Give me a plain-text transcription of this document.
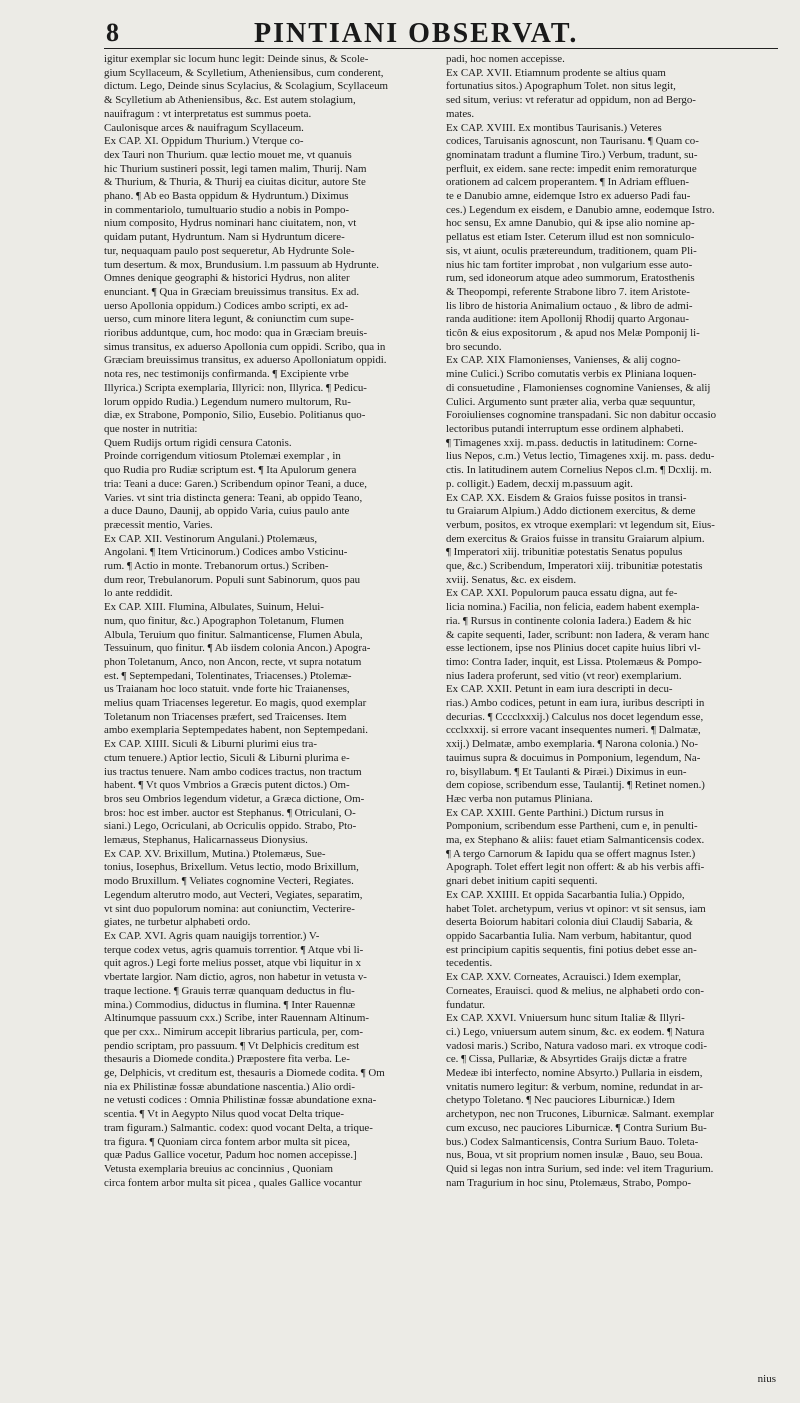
8	PINTIANI OBSERVAT.
igitur exemplar sic locum hunc legit: Deinde sinus, & Scole-
gium Scyllaceum, & Scylletium, Atheniensibus, cum conderent,
dictum. Lego, Deinde sinus Scylacius, & Scolagium, Scyllaceum
& Scylletium ab Atheniensibus, &c. Est autem stolagium,
nauifragum : vt interpretatus est summus poeta.
Caulonisque arces & nauifragum Scyllaceum.
Ex CAP. XI. Oppidum Thurium.) Vterque co-
dex Tauri non Thurium. quæ lectio mouet me, vt quanuis
hic Thurium sustineri possit, legi tamen malim, Thurij. Nam
& Thurium, & Thuria, & Thurij ea ciuitas dicitur, autore Ste
phano. ¶ Ab eo Basta oppidum & Hydruntum.) Diximus
in commentariolo, tumultuario studio a nobis in Pompo-
nium composito, Hydrus nominari hanc ciuitatem, non, vt
quidam putant, Hydruntum. Nam si Hydruntum dicere-
tur, nequaquam paulo post sequeretur, Ab Hydrunte Sole-
tum desertum. & mox, Brundusium. l.m passuum ab Hydrunte.
Omnes denique geographi & historici Hydrus, non aliter
enunciant. ¶ Qua in Græciam breuissimus transitus. Ex ad.
uerso Apollonia oppidum.) Codices ambo scripti, ex ad-
uerso, cum minore litera legunt, & coniunctim cum supe-
rioribus adduntque, cum, hoc modo: qua in Græciam breuis-
simus transitus, ex aduerso Apollonia cum oppidi. Scribo, qua in
Græciam breuissimus transitus, ex aduerso Apolloniatum oppidi.
nota res, nec testimonijs confirmanda. ¶ Excipiente vrbe
Illyrica.) Scripta exemplaria, Illyrici: non, Illyrica. ¶ Pedicu-
lorum oppido Rudia.) Legendum numero multorum, Ru-
diæ, ex Strabone, Pomponio, Silio, Eusebio. Politianus quo-
que noster in nutritia:
Quem Rudijs ortum rigidi censura Catonis.
Proinde corrigendum vitiosum Ptolemæi exemplar , in
quo Rudia pro Rudiæ scriptum est. ¶ Ita Apulorum genera
tria: Teani a duce: Garen.) Scribendum opinor Teani, a duce,
Varies. vt sint tria distincta genera: Teani, ab oppido Teano,
a duce Dauno, Daunij, ab oppido Varia, cuius paulo ante
præcessit mentio, Varies.
Ex CAP. XII. Vestinorum Angulani.) Ptolemæus,
Angolani. ¶ Item Vrticinorum.) Codices ambo Vsticinu-
rum. ¶ Actio in monte. Trebanorum ortus.) Scriben-
dum reor, Trebulanorum. Populi sunt Sabinorum, quos pau
lo ante reddidit.
Ex CAP. XIII. Flumina, Albulates, Suinum, Helui-
num, quo finitur, &c.) Apographon Toletanum, Flumen
Albula, Teruium quo finitur. Salmanticense, Flumen Abula,
Tessuinum, quo finitur. ¶ Ab iisdem colonia Ancon.) Apogra-
phon Toletanum, Anco, non Ancon, recte, vt supra notatum
est. ¶ Septempedani, Tolentinates, Triacenses.) Ptolemæ-
us Traianam hoc loco statuit. vnde forte hic Traianenses,
melius quam Triacenses legeretur. Eo magis, quod exemplar
Toletanum non Triacenses præfert, sed Traicenses. Item
ambo exemplaria Septempedates habent, non Septempedani.
Ex CAP. XIIII. Siculi & Liburni plurimi eius tra-
ctum tenuere.) Aptior lectio, Siculi & Liburni plurima e-
ius tractus tenuere. Nam ambo codices tractus, non tractum
habent. ¶ Vt quos Vmbrios a Græcis putent dictos.) Om-
bros seu Ombrios legendum videtur, a Græca dictione, Om-
bros: hoc est imber. auctor est Stephanus. ¶ Otriculani, O-
siani.) Lego, Ocriculani, ab Ocriculis oppido. Strabo, Pto-
lemæus, Stephanus, Halicarnasseus Dionysius.
Ex CAP. XV. Brixillum, Mutina.) Ptolemæus, Sue-
tonius, Iosephus, Brixellum. Vetus lectio, modo Brixillum,
modo Bruxillum. ¶ Veliates cognomine Vecteri, Regiates.
Legendum alterutro modo, aut Vecteri, Vegiates, separatim,
vt sint duo populorum nomina: aut coniunctim, Vecterire-
giates, ne turbetur alphabeti ordo.
Ex CAP. XVI. Agris quam nauigijs torrentior.) V-
terque codex vetus, agris quamuis torrentior. ¶ Atque vbi li-
quit agros.) Legi forte melius posset, atque vbi liquitur in x
vbertate largior. Nam dictio, agros, non habetur in vetusta v-
traque lectione. ¶ Grauis terræ quanquam deductus in flu-
mina.) Commodius, diductus in flumina. ¶ Inter Rauennæ
Altinumque passuum cxx.) Scribe, inter Rauennam Altinum-
que per cxx.. Nimirum accepit librarius particula, per, com-
pendio scriptam, pro passuum. ¶ Vt Delphicis creditum est
thesauris a Diomede condita.) Præpostere fita verba. Le-
ge, Delphicis, vt creditum est, thesauris a Diomede codita. ¶ Om
nia ex Philistinæ fossæ abundatione nascentia.) Alio ordi-
ne vetusti codices : Omnia Philistinæ fossæ abundatione exna-
scentia. ¶ Vt in Aegypto Nilus quod vocat Delta trique-
tram figuram.) Salmantic. codex: quod vocant Delta, a trique-
tra figura. ¶ Quoniam circa fontem arbor multa sit picea,
quæ Padus Gallice vocetur, Padum hoc nomen accepisse.]
Vetusta exemplaria breuius ac concinnius , Quoniam
circa fontem arbor multa sit picea , quales Gallice vocantur
padi, hoc nomen accepisse.
Ex CAP. XVII. Etiamnum prodente se altius quam
fortunatius sitos.) Apographum Tolet. non situs legit,
sed situm, verius: vt referatur ad oppidum, non ad Bergo-
mates.
Ex CAP. XVIII. Ex montibus Taurisanis.) Veteres
codices, Taruisanis agnoscunt, non Taurisanu. ¶ Quam co-
gnominatam tradunt a flumine Tiro.) Verbum, tradunt, su-
perfluit, ex eidem. sane recte: impedit enim remoraturque
orationem ad calcem properantem. ¶ In Adriam effluen-
te e Danubio amne, eidemque Istro ex aduerso Padi fau-
ces.) Legendum ex eisdem, e Danubio amne, eodemque Istro.
hoc sensu, Ex amne Danubio, qui & ipse alio nomine ap-
pellatus est etiam Ister. Ceterum illud est non somniculo-
sis, vt aiunt, oculis prætereundum, traditionem, quam Pli-
nius hic tam fortiter improbat , non vulgarium esse auto-
rum, sed idoneorum atque adeo summorum, Eratosthenis
& Theopompi, referente Strabone libro 7. item Aristote-
lis libro de historia Animalium octauo , & libro de admi-
randa auditione: item Apollonij Rhodij quarto Argonau-
ticôn & eius expositorum , & apud nos Melæ Pomponij li-
bro secundo.
Ex CAP. XIX Flamonienses, Vanienses, & alij cogno-
mine Culici.) Scribo comutatis verbis ex Pliniana loquen-
di consuetudine , Flamonienses cognomine Vanienses, & alij
Culici. Argumento sunt præter alia, verba quæ sequuntur,
Foroiulienses cognomine transpadani. Sic non dabitur occasio
lectoribus putandi interruptum esse ordinem alphabeti.
¶ Timagenes xxij. m.pass. deductis in latitudinem: Corne-
lius Nepos, c.m.) Vetus lectio, Timagenes xxij. m. pass. dedu-
ctis. In latitudinem autem Cornelius Nepos cl.m. ¶ Dcxlij. m.
p. colligit.) Eadem, decxij m.passuum agit.
Ex CAP. XX. Eisdem & Graios fuisse positos in transi-
tu Graiarum Alpium.) Addo dictionem exercitus, & deme
verbum, positos, ex vtroque exemplari: vt legendum sit, Eius-
dem exercitus & Graios fuisse in transitu Graiarum alpium.
¶ Imperatori xiij. tribunitiæ potestatis Senatus populus
que, &c.) Scribendum, Imperatori xiij. tribunitiæ potestatis
xviij. Senatus, &c. ex eisdem.
Ex CAP. XXI. Populorum pauca essatu digna, aut fe-
licia nomina.) Facilia, non felicia, eadem habent exempla-
ria. ¶ Rursus in continente colonia Iadera.) Eadem & hic
& capite sequenti, Iader, scribunt: non Iadera, & veram hanc
esse lectionem, ipse nos Plinius docet capite huius libri vl-
timo: Contra Iader, inquit, est Lissa. Ptolemæus & Pompo-
nius Iadera proferunt, sed vitio (vt reor) exemplarium.
Ex CAP. XXII. Petunt in eam iura descripti in decu-
rias.) Ambo codices, petunt in eam iura, iuribus descripti in
decurias. ¶ Cccclxxxij.) Calculus nos docet legendum esse,
ccclxxxij. si errore vacant insequentes numeri. ¶ Dalmatæ,
xxij.) Delmatæ, ambo exemplaria. ¶ Narona colonia.) No-
tauimus supra & docuimus in Pomponium, legendum, Na-
ro, bisyllabum. ¶ Et Taulanti & Piræi.) Diximus in eun-
dem copiose, scribendum esse, Taulantij. ¶ Retinet nomen.)
Hæc verba non putamus Pliniana.
Ex CAP. XXIII. Gente Parthini.) Dictum rursus in
Pomponium, scribendum esse Partheni, cum e, in penulti-
ma, ex Stephano & aliis: fauet etiam Salmanticensis codex.
¶ A tergo Carnorum & Iapidu qua se offert magnus Ister.)
Apograph. Tolet effert legit non offert: & ab his verbis affi-
gnari debet initium capiti sequenti.
Ex CAP. XXIIII. Et oppida Sacarbantia Iulia.) Oppido,
habet Tolet. archetypum, verius vt opinor: vt sit sensus, iam
deserta Boiorum habitari colonia diui Claudij Sabaria, &
oppido Sacarbantia Iulia. Nam verbum, habitantur, quod
est principium capitis sequentis, fini potius debet esse an-
tecedentis.
Ex CAP. XXV. Corneates, Acrauisci.) Idem exemplar,
Corneates, Erauisci. quod & melius, ne alphabeti ordo con-
fundatur.
Ex CAP. XXVI. Vniuersum hunc situm Italiæ & Illyri-
ci.) Lego, vniuersum autem sinum, &c. ex eodem. ¶ Natura
vadosi maris.) Scribo, Natura vadoso mari. ex vtroque codi-
ce. ¶ Cissa, Pullariæ, & Absyrtides Graijs dictæ a fratre
Medeæ ibi interfecto, nomine Absyrto.) Pullaria in eisdem,
vnitatis numero legitur: & verbum, nomine, redundat in ar-
chetypo Toletano. ¶ Nec pauciores Liburnicæ.) Idem
archetypon, nec non Trucones, Liburnicæ. Salmant. exemplar
cum excuso, nec pauciores Liburnicæ. ¶ Contra Surium Bu-
bus.) Codex Salmanticensis, Contra Surium Bauo. Toleta-
nus, Boua, vt sit proprium nomen insulæ , Bauo, seu Boua.
Quid si legas non intra Surium, sed inde: vel item Tragurium.
nam Tragurium in hoc sinu, Ptolemæus, Strabo, Pompo-
nius
